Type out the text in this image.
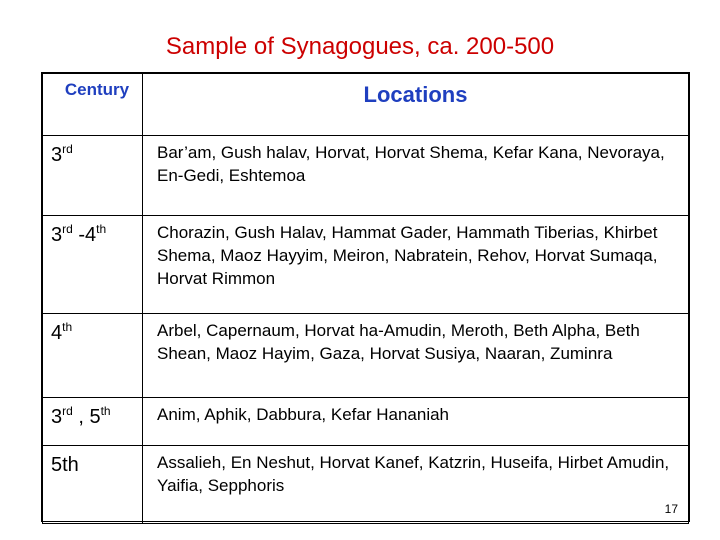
Sample of Synagogues, ca. 200-500
Century	Locations

3rd	Bar’am, Gush halav, Horvat, Horvat Shema, Kefar Kana, Nevoraya, En-Gedi, Eshtemoa

3rd -4th	Chorazin, Gush Halav, Hammat Gader, Hammath Tiberias, Khirbet Shema, Maoz Hayyim, Meiron, Nabratein, Rehov, Horvat Sumaqa, Horvat Rimmon

4th	Arbel, Capernaum, Horvat ha-Amudin, Meroth, Beth Alpha, Beth Shean, Maoz Hayim, Gaza, Horvat Susiya, Naaran, Zuminra

3rd , 5th	Anim, Aphik, Dabbura, Kefar Hananiah

5th	Assalieh, En Neshut, Horvat Kanef, Katzrin, Huseifa, Hirbet Amudin, Yaifia, Sepphoris
17
